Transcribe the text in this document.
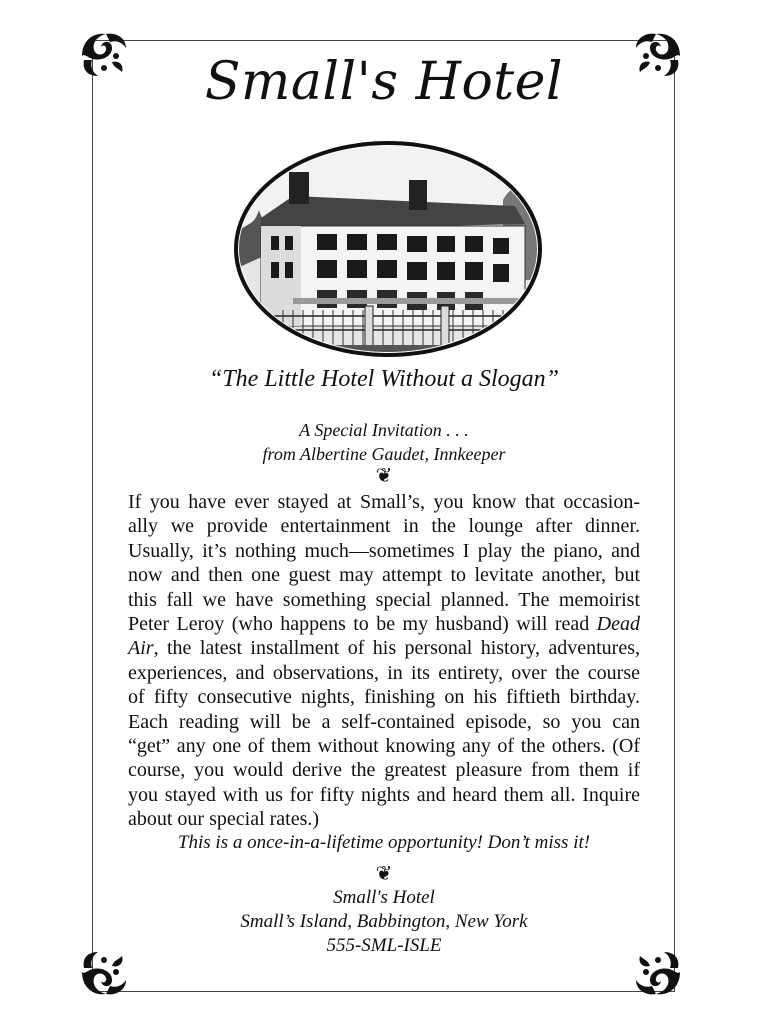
Small's Hotel
“The Little Hotel Without a Slogan”
A Special Invitation . . .
from Albertine Gaudet, Innkeeper
❦
If you have ever stayed at Small’s, you know that occasion-
ally we provide entertainment in the lounge after dinner.
Usually, it’s nothing much—sometimes I play the piano, and
now and then one guest may attempt to levitate another, but
this fall we have something special planned. The memoirist
Peter Leroy (who happens to be my husband) will read Dead
Air, the latest installment of his personal history, adventures,
experiences, and observations, in its entirety, over the course
of fifty consecutive nights, finishing on his fiftieth birthday.
Each reading will be a self-contained episode, so you can
“get” any one of them without knowing any of the others. (Of
course, you would derive the greatest pleasure from them if
you stayed with us for fifty nights and heard them all. Inquire
about our special rates.)
This is a once-in-a-lifetime opportunity! Don’t miss it!
❦
Small's Hotel
Small’s Island, Babbington, New York
555-SML-ISLE
